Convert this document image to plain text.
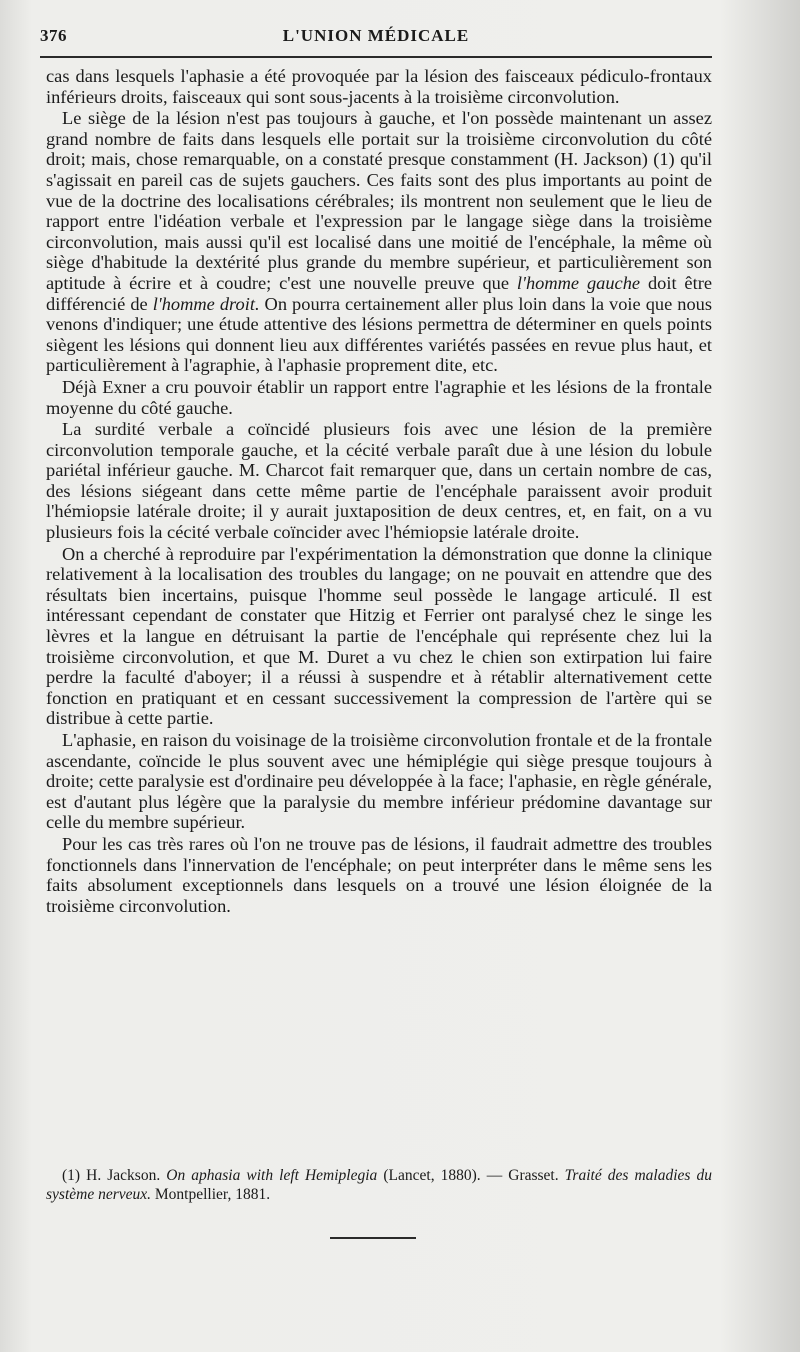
376	L'UNION MÉDICALE

cas dans lesquels l'aphasie a été provoquée par la lésion des faisceaux pédiculo-frontaux inférieurs droits, faisceaux qui sont sous-jacents à la troisième circonvolution.

Le siège de la lésion n'est pas toujours à gauche, et l'on possède maintenant un assez grand nombre de faits dans lesquels elle portait sur la troisième circonvolution du côté droit; mais, chose remarquable, on a constaté presque constamment (H. Jackson) (1) qu'il s'agissait en pareil cas de sujets gauchers. Ces faits sont des plus importants au point de vue de la doctrine des localisations cérébrales; ils montrent non seulement que le lieu de rapport entre l'idéation verbale et l'expression par le langage siège dans la troisième circonvolution, mais aussi qu'il est localisé dans une moitié de l'encéphale, la même où siège d'habitude la dextérité plus grande du membre supérieur, et particulièrement son aptitude à écrire et à coudre; c'est une nouvelle preuve que l'homme gauche doit être différencié de l'homme droit. On pourra certainement aller plus loin dans la voie que nous venons d'indiquer; une étude attentive des lésions permettra de déterminer en quels points siègent les lésions qui donnent lieu aux différentes variétés passées en revue plus haut, et particulièrement à l'agraphie, à l'aphasie proprement dite, etc.

Déjà Exner a cru pouvoir établir un rapport entre l'agraphie et les lésions de la frontale moyenne du côté gauche.

La surdité verbale a coïncidé plusieurs fois avec une lésion de la première circonvolution temporale gauche, et la cécité verbale paraît due à une lésion du lobule pariétal inférieur gauche. M. Charcot fait remarquer que, dans un certain nombre de cas, des lésions siégeant dans cette même partie de l'encéphale paraissent avoir produit l'hémiopsie latérale droite; il y aurait juxtaposition de deux centres, et, en fait, on a vu plusieurs fois la cécité verbale coïncider avec l'hémiopsie latérale droite.

On a cherché à reproduire par l'expérimentation la démonstration que donne la clinique relativement à la localisation des troubles du langage; on ne pouvait en attendre que des résultats bien incertains, puisque l'homme seul possède le langage articulé. Il est intéressant cependant de constater que Hitzig et Ferrier ont paralysé chez le singe les lèvres et la langue en détruisant la partie de l'encéphale qui représente chez lui la troisième circonvolution, et que M. Duret a vu chez le chien son extirpation lui faire perdre la faculté d'aboyer; il a réussi à suspendre et à rétablir alternativement cette fonction en pratiquant et en cessant successivement la compression de l'artère qui se distribue à cette partie.

L'aphasie, en raison du voisinage de la troisième circonvolution frontale et de la frontale ascendante, coïncide le plus souvent avec une hémiplégie qui siège presque toujours à droite; cette paralysie est d'ordinaire peu développée à la face; l'aphasie, en règle générale, est d'autant plus légère que la paralysie du membre inférieur prédomine davantage sur celle du membre supérieur.

Pour les cas très rares où l'on ne trouve pas de lésions, il faudrait admettre des troubles fonctionnels dans l'innervation de l'encéphale; on peut interpréter dans le même sens les faits absolument exceptionnels dans lesquels on a trouvé une lésion éloignée de la troisième circonvolution.

(1) H. Jackson. On aphasia with left Hemiplegia (Lancet, 1880). — Grasset. Traité des maladies du système nerveux. Montpellier, 1881.
